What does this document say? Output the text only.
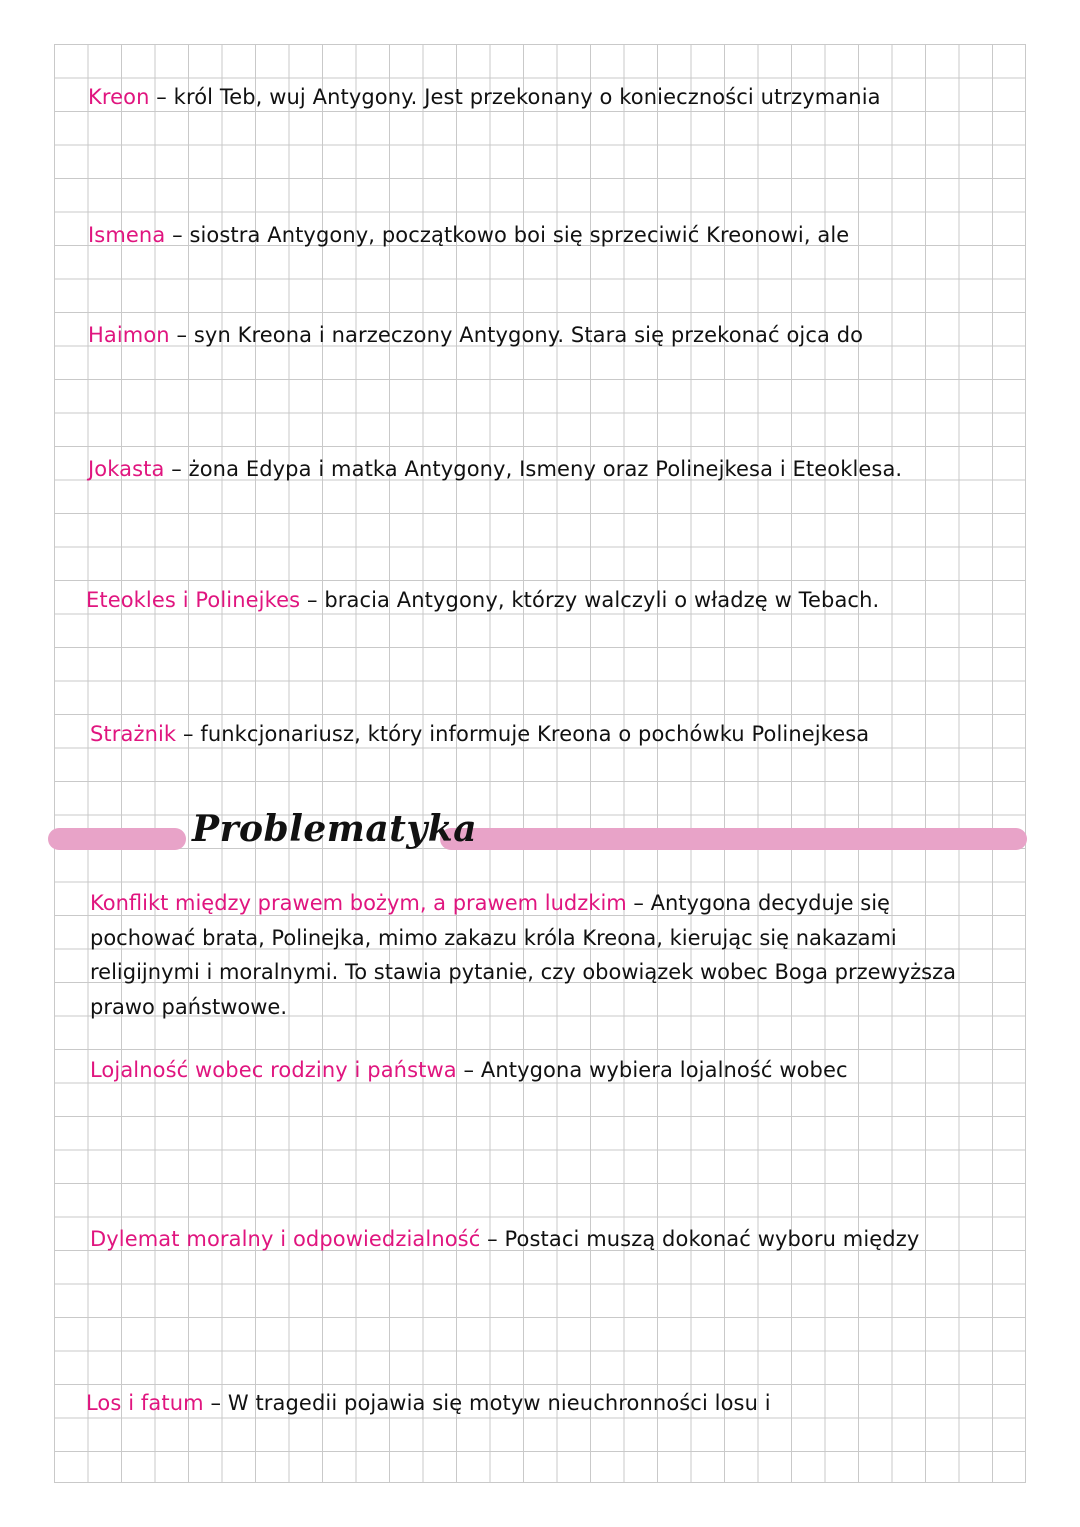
Kreon – król Teb, wuj Antygony. Jest przekonany o konieczności utrzymania
Ismena – siostra Antygony, początkowo boi się sprzeciwić Kreonowi, ale
Haimon – syn Kreona i narzeczony Antygony. Stara się przekonać ojca do
Jokasta – żona Edypa i matka Antygony, Ismeny oraz Polinejkesa i Eteoklesa.
Eteokles i Polinejkes – bracia Antygony, którzy walczyli o władzę w Tebach.
Strażnik – funkcjonariusz, który informuje Kreona o pochówku Polinejkesa
Problematyka
Konflikt między prawem bożym, a prawem ludzkim – Antygona decyduje się pochować brata, Polinejka, mimo zakazu króla Kreona, kierując się nakazami religijnymi i moralnymi. To stawia pytanie, czy obowiązek wobec Boga przewyższa prawo państwowe.
Lojalność wobec rodziny i państwa – Antygona wybiera lojalność wobec
Dylemat moralny i odpowiedzialność – Postaci muszą dokonać wyboru między
Los i fatum – W tragedii pojawia się motyw nieuchronności losu i
